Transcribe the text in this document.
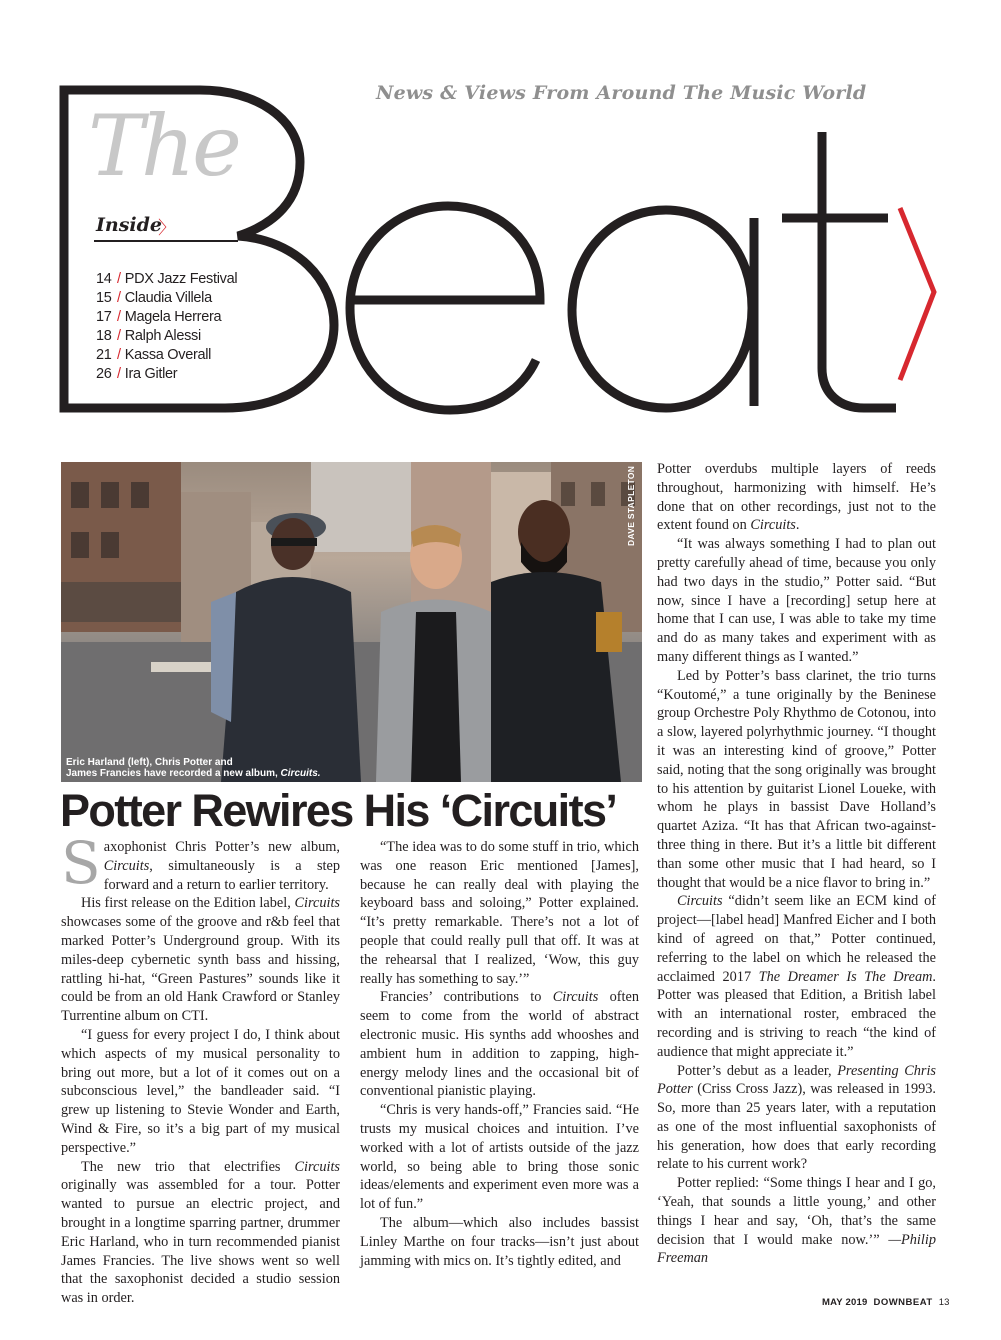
News & Views From Around The Music World
The
Inside
〉
14 / PDX Jazz Festival
15 / Claudia Villela
17 / Magela Herrera
18 / Ralph Alessi
21 / Kassa Overall
26 / Ira Gitler
DAVE STAPLETON
Eric Harland (left), Chris Potter and
James Francies have recorded a new album, Circuits.
Potter Rewires His ‘Circuits’
S axophonist Chris Potter’s new album, Circuits, simultaneously is a step forward and a return to earlier territory.

His first release on the Edition label, Circuits showcases some of the groove and r&b feel that marked Potter’s Underground group. With its miles-deep cybernetic synth bass and hissing, rattling hi-hat, “Green Pastures” sounds like it could be from an old Hank Crawford or Stanley Turrentine album on CTI.

“I guess for every project I do, I think about which aspects of my musical personality to bring out more, but a lot of it comes out on a subconscious level,” the bandleader said. “I grew up listening to Stevie Wonder and Earth, Wind & Fire, so it’s a big part of my musical perspective.”

The new trio that electrifies Circuits originally was assembled for a tour. Potter wanted to pursue an electric project, and brought in a longtime sparring partner, drummer Eric Harland, who in turn recommended pianist James Francies. The live shows went so well that the saxophonist decided a studio session was in order.

“The idea was to do some stuff in trio, which was one reason Eric mentioned [James], because he can really deal with playing the keyboard bass and soloing,” Potter explained. “It’s pretty remarkable. There’s not a lot of people that could really pull that off. It was at the rehearsal that I realized, ‘Wow, this guy really has something to say.’”

Francies’ contributions to Circuits often seem to come from the world of abstract electronic music. His synths add whooshes and ambient hum in addition to zapping, high-energy melody lines and the occasional bit of conventional pianistic playing.

“Chris is very hands-off,” Francies said. “He trusts my musical choices and intuition. I’ve worked with a lot of artists outside of the jazz world, so being able to bring those sonic ideas/elements and experiment even more was a lot of fun.”

The album—which also includes bassist Linley Marthe on four tracks—isn’t just about jamming with mics on. It’s tightly edited, and

Potter overdubs multiple layers of reeds throughout, harmonizing with himself. He’s done that on other recordings, just not to the extent found on Circuits.

“It was always something I had to plan out pretty carefully ahead of time, because you only had two days in the studio,” Potter said. “But now, since I have a [recording] setup here at home that I can use, I was able to take my time and do as many takes and experiment with as many different things as I wanted.”

Led by Potter’s bass clarinet, the trio turns “Koutomé,” a tune originally by the Beninese group Orchestre Poly Rhythmo de Cotonou, into a slow, layered polyrhythmic journey. “I thought it was an interesting kind of groove,” Potter said, noting that the song originally was brought to his attention by guitarist Lionel Loueke, with whom he plays in bassist Dave Holland’s quartet Aziza. “It has that African two-against-three thing in there. But it’s a little bit different than some other music that I had heard, so I thought that would be a nice flavor to bring in.”

Circuits “didn’t seem like an ECM kind of project—[label head] Manfred Eicher and I both kind of agreed on that,” Potter continued, referring to the label on which he released the acclaimed 2017 The Dreamer Is The Dream. Potter was pleased that Edition, a British label with an international roster, embraced the recording and is striving to reach “the kind of audience that might appreciate it.”

Potter’s debut as a leader, Presenting Chris Potter (Criss Cross Jazz), was released in 1993. So, more than 25 years later, with a reputation as one of the most influential saxophonists of his generation, how does that early recording relate to his current work?

Potter replied: “Some things I hear and I go, ‘Yeah, that sounds a little young,’ and other things I hear and say, ‘Oh, that’s the same decision that I would make now.’” —Philip Freeman

MAY 2019 DOWNBEAT 13
